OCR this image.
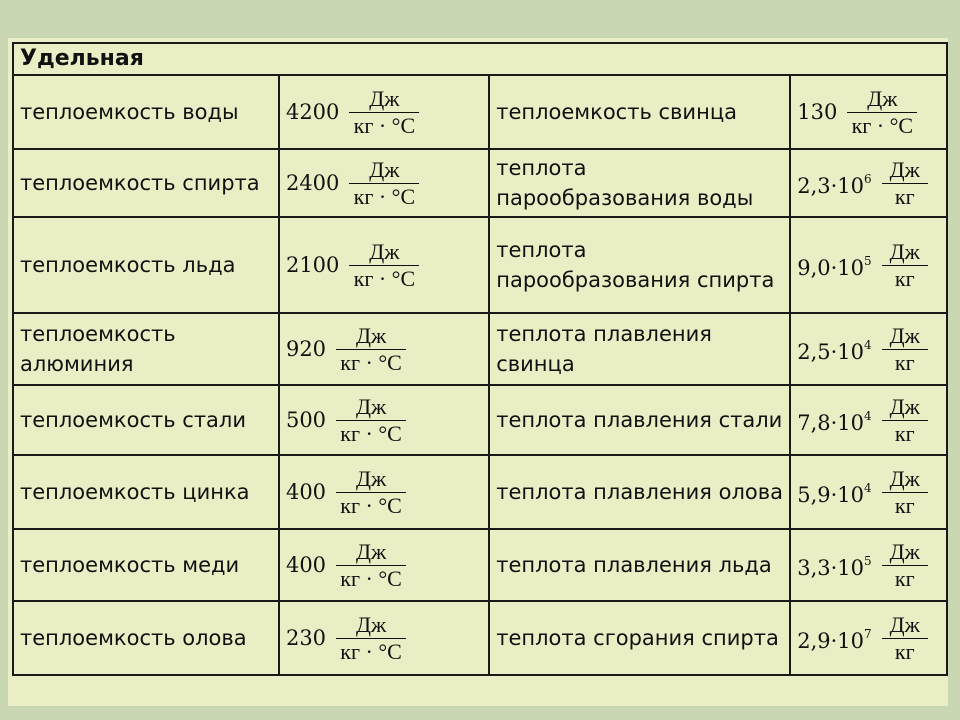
Удельная			
теплоемкость воды	$4200 \frac{Дж}{кг \cdot ^\circ С}$	теплоемкость свинца	$130 \frac{Дж}{кг \cdot ^\circ С}$

теплоемкость спирта	$2400 \frac{Дж}{кг \cdot ^\circ С}$	теплота парообразования воды	$2,3\cdot 10^6 \frac{Дж}{кг}$

теплоемкость льда	$2100 \frac{Дж}{кг \cdot ^\circ С}$	теплота парообразования спирта	$9,0\cdot 10^5 \frac{Дж}{кг}$

теплоемкость алюминия	$920 \frac{Дж}{кг \cdot ^\circ С}$	теплота плавления свинца	$2,5\cdot 10^4 \frac{Дж}{кг}$

теплоемкость стали	$500 \frac{Дж}{кг \cdot ^\circ С}$	теплота плавления стали	$7,8\cdot 10^4 \frac{Дж}{кг}$

теплоемкость цинка	$400 \frac{Дж}{кг \cdot ^\circ С}$	теплота плавления олова	$5,9\cdot 10^4 \frac{Дж}{кг}$

теплоемкость меди	$400 \frac{Дж}{кг \cdot ^\circ С}$	теплота плавления льда	$3,3\cdot 10^5 \frac{Дж}{кг}$

теплоемкость олова	$230 \frac{Дж}{кг \cdot ^\circ С}$	теплота сгорания спирта	$2,9\cdot 10^7 \frac{Дж}{кг}$
